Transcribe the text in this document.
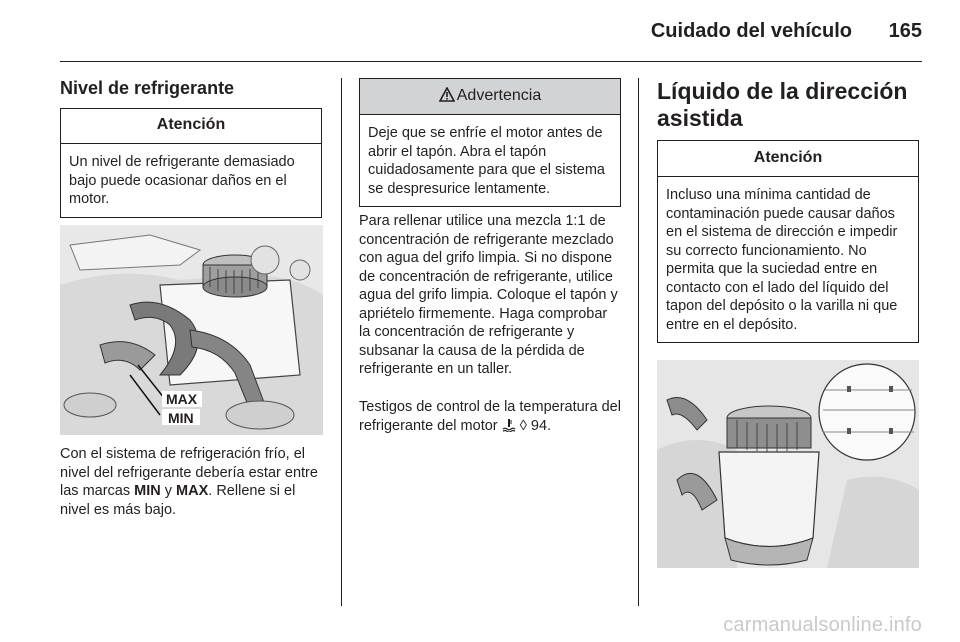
Cuidado del vehículo 165
Nivel de refrigerante
Atención
Un nivel de refrigerante demasiado bajo puede ocasionar daños en el motor.
MAX
MIN

Con el sistema de refrigeración frío, el nivel del refrigerante debería estar entre las marcas MIN y MAX. Rellene si el nivel es más bajo.

Advertencia
Deje que se enfríe el motor antes de abrir el tapón. Abra el tapón cuidadosamente para que el sistema se despresurice lentamente.

Para rellenar utilice una mezcla 1:1 de concentración de refrigerante mezclado con agua del grifo limpia. Si no dispone de concentración de refrigerante, utilice agua del grifo limpia. Coloque el tapón y apriételo firmemente. Haga comprobar la concentración de refrigerante y subsanar la causa de la pérdida de refrigerante en un taller.

Testigos de control de la temperatura del refrigerante del motor  ◊ 94.

Líquido de la dirección asistida
Atención
Incluso una mínima cantidad de contaminación puede causar daños en el sistema de dirección e impedir su correcto funcionamiento. No permita que la suciedad entre en contacto con el lado del líquido del tapon del depósito o la varilla ni que entre en el depósito.
carmanualsonline.info
